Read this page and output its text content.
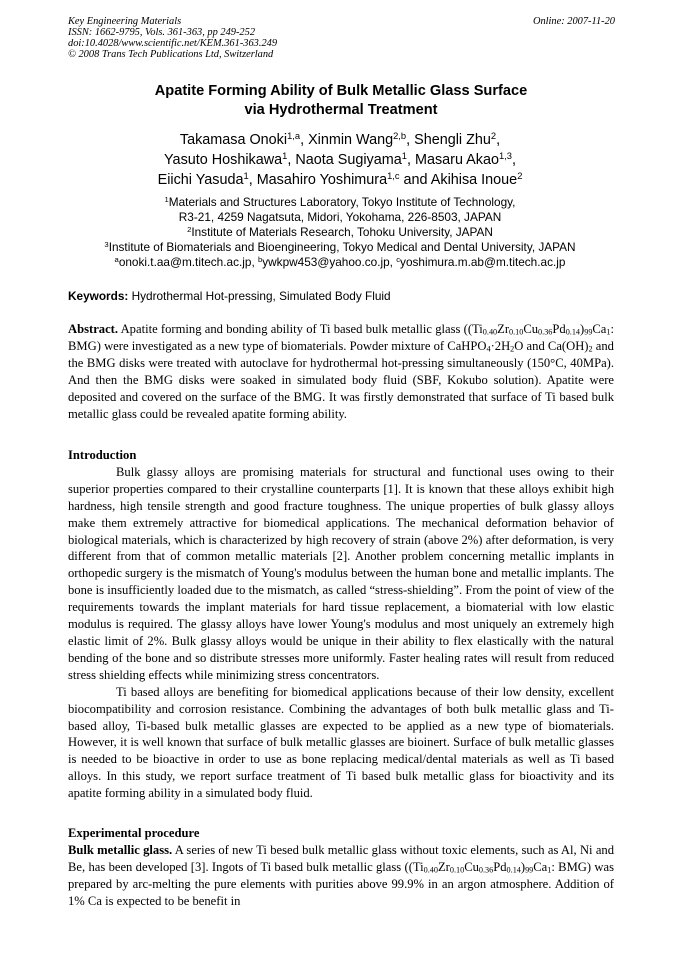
Key Engineering Materials
ISSN: 1662-9795, Vols. 361-363, pp 249-252
doi:10.4028/www.scientific.net/KEM.361-363.249
© 2008 Trans Tech Publications Ltd, Switzerland
Online: 2007-11-20
Apatite Forming Ability of Bulk Metallic Glass Surface
via Hydrothermal Treatment
Takamasa Onoki$^{1,a}$, Xinmin Wang$^{2,b}$, Shengli Zhu$^2$,
Yasuto Hoshikawa$^1$, Naota Sugiyama$^1$, Masaru Akao$^{1,3}$,
Eiichi Yasuda$^1$, Masahiro Yoshimura$^{1,c}$ and Akihisa Inoue$^2$
$^1$Materials and Structures Laboratory, Tokyo Institute of Technology,
R3-21, 4259 Nagatsuta, Midori, Yokohama, 226-8503, JAPAN
$^2$Institute of Materials Research, Tohoku University, JAPAN
$^3$Institute of Biomaterials and Bioengineering, Tokyo Medical and Dental University, JAPAN
$^a$onoki.t.aa@m.titech.ac.jp, $^b$ywkpw453@yahoo.co.jp, $^c$yoshimura.m.ab@m.titech.ac.jp
Keywords: Hydrothermal Hot-pressing, Simulated Body Fluid

Abstract. Apatite forming and bonding ability of Ti based bulk metallic glass ($(Ti_{0.40}Zr_{0.10}Cu_{0.36}Pd_{0.14})_{99}Ca_1$: BMG) were investigated as a new type of biomaterials. Powder mixture of $CaHPO_4\cdot 2H_2O$ and $Ca(OH)_2$ and the BMG disks were treated with autoclave for hydrothermal hot-pressing simultaneously (150°C, 40MPa). And then the BMG disks were soaked in simulated body fluid (SBF, Kokubo solution). Apatite were deposited and covered on the surface of the BMG. It was firstly demonstrated that surface of Ti based bulk metallic glass could be revealed apatite forming ability.

Introduction

Bulk glassy alloys are promising materials for structural and functional uses owing to their superior properties compared to their crystalline counterparts [1]. It is known that these alloys exhibit high hardness, high tensile strength and good fracture toughness. The unique properties of bulk glassy alloys make them extremely attractive for biomedical applications. The mechanical deformation behavior of biological materials, which is characterized by high recovery of strain (above 2%) after deformation, is very different from that of common metallic materials [2]. Another problem concerning metallic implants in orthopedic surgery is the mismatch of Young's modulus between the human bone and metallic implants. The bone is insufficiently loaded due to the mismatch, as called “stress-shielding”. From the point of view of the requirements towards the implant materials for hard tissue replacement, a biomaterial with low elastic modulus is required. The glassy alloys have lower Young's modulus and most uniquely an extremely high elastic limit of 2%. Bulk glassy alloys would be unique in their ability to flex elastically with the natural bending of the bone and so distribute stresses more uniformly. Faster healing rates will result from reduced stress shielding effects while minimizing stress concentrators.

Ti based alloys are benefiting for biomedical applications because of their low density, excellent biocompatibility and corrosion resistance. Combining the advantages of both bulk metallic glass and Ti-based alloy, Ti-based bulk metallic glasses are expected to be applied as a new type of biomaterials. However, it is well known that surface of bulk metallic glasses are bioinert. Surface of bulk metallic glasses is needed to be bioactive in order to use as bone replacing medical/dental materials as well as Ti based alloys. In this study, we report surface treatment of Ti based bulk metallic glass for bioactivity and its apatite forming ability in a simulated body fluid.

Experimental procedure

Bulk metallic glass. A series of new Ti besed bulk metallic glass without toxic elements, such as Al, Ni and Be, has been developed [3]. Ingots of Ti based bulk metallic glass ($(Ti_{0.40}Zr_{0.10}Cu_{0.36}Pd_{0.14})_{99}Ca_1$: BMG) was prepared by arc-melting the pure elements with purities above 99.9% in an argon atmosphere. Addition of 1% Ca is expected to be benefit in
